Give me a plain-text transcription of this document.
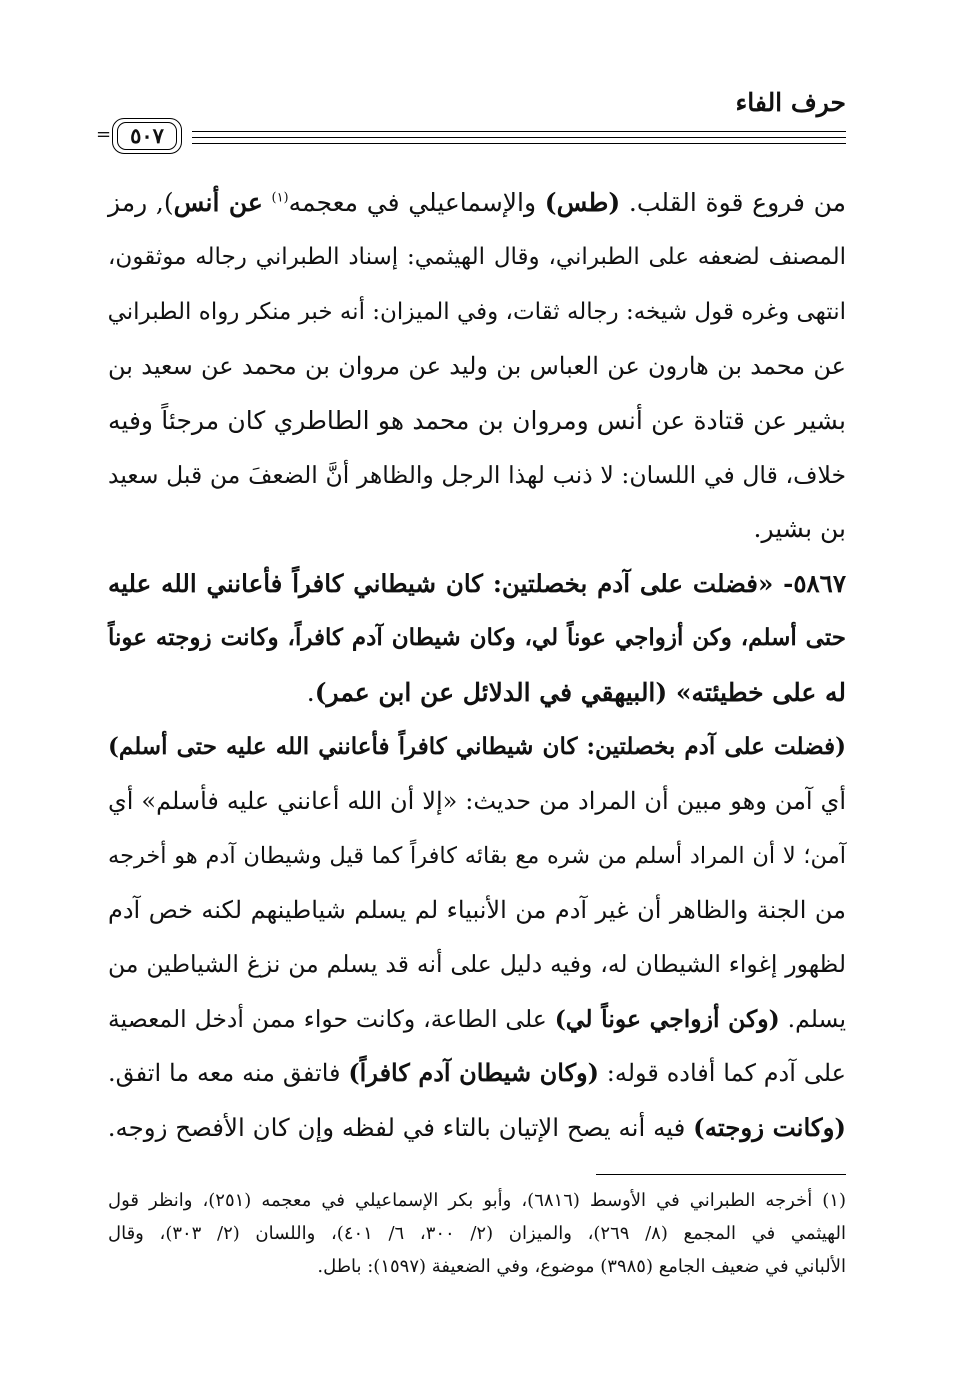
حرف الفاء
= ٥٠٧
من فروع قوة القلب. (طس) والإسماعيلي في معجمه$^{(١)}$ عن أنس), رمز
المصنف لضعفه على الطبراني، وقال الهيثمي: إسناد الطبراني رجاله موثقون،
انتهى وغره قول شيخه: رجاله ثقات، وفي الميزان: أنه خبر منكر رواه الطبراني
عن محمد بن هارون عن العباس بن وليد عن مروان بن محمد عن سعيد بن
بشير عن قتادة عن أنس ومروان بن محمد هو الطاطري كان مرجئاً وفيه
خلاف، قال في اللسان: لا ذنب لهذا الرجل والظاهر أنَّ الضعفَ من قبل سعيد
بن بشير.
٥٨٦٧- «فضلت على آدم بخصلتين: كان شيطاني كافراً فأعانني الله عليه
حتى أسلم، وكن أزواجي عوناً لي، وكان شيطان آدم كافراً، وكانت زوجته عوناً
له على خطيئته» (البيهقي في الدلائل عن ابن عمر).
(فضلت على آدم بخصلتين: كان شيطاني كافراً فأعانني الله عليه حتى أسلم)
أي آمن وهو مبين أن المراد من حديث: «إلا أن الله أعانني عليه فأسلم» أي
آمن؛ لا أن المراد أسلم من شره مع بقائه كافراً كما قيل وشيطان آدم هو أخرجه
من الجنة والظاهر أن غير آدم من الأنبياء لم يسلم شياطينهم لكنه خص آدم
لظهور إغواء الشيطان له، وفيه دليل على أنه قد يسلم من نزغ الشياطين من
يسلم. (وكن أزواجي عوناً لي) على الطاعة، وكانت حواء ممن أدخل المعصية
على آدم كما أفاده قوله: (وكان شيطان آدم كافراً) فاتفق منه معه ما اتفق.
(وكانت زوجته) فيه أنه يصح الإتيان بالتاء في لفظه وإن كان الأفصح زوجه.
(١) أخرجه الطبراني في الأوسط (٦٨١٦)، وأبو بكر الإسماعيلي في معجمه (٢٥١)، وانظر قول
الهيثمي في المجمع (٨/ ٢٦٩)، والميزان (٢/ ٣٠٠، ٦/ ٤٠١)، واللسان (٢/ ٣٠٣)، وقال
الألباني في ضعيف الجامع (٣٩٨٥) موضوع، وفي الضعيفة (١٥٩٧): باطل.
